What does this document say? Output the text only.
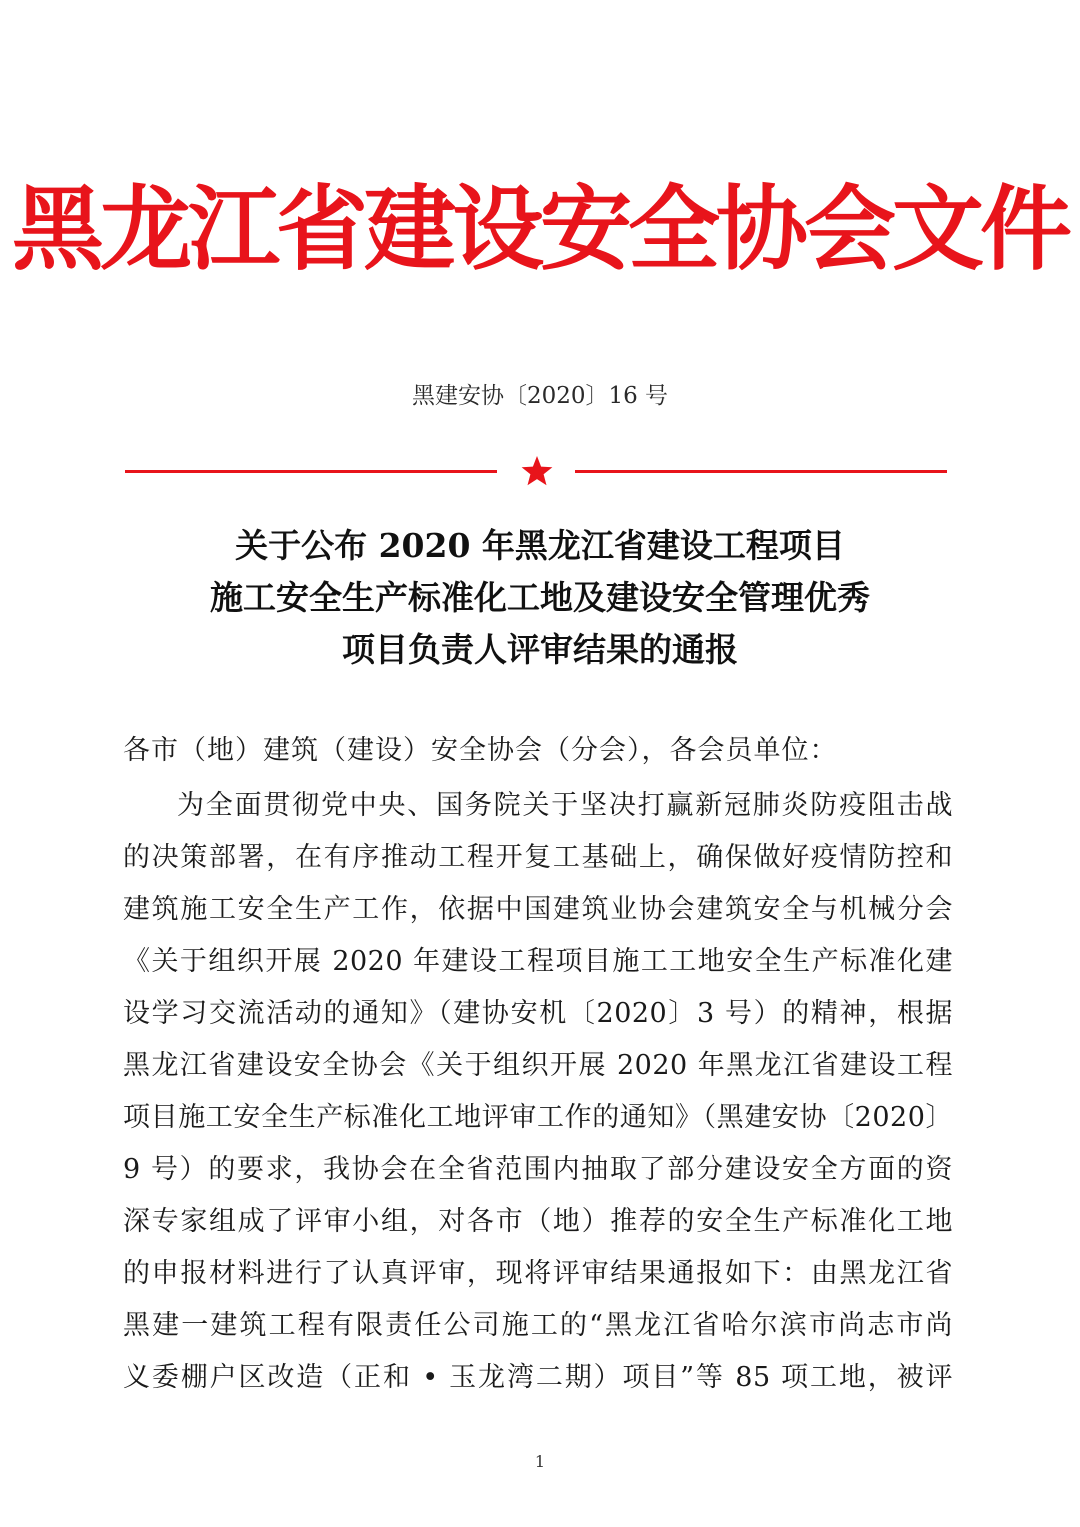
黑龙江省建设安全协会文件
黑建安协〔2020〕16 号
关于公布 2020 年黑龙江省建设工程项目
施工安全生产标准化工地及建设安全管理优秀
项目负责人评审结果的通报
各市（地）建筑（建设）安全协会（分会），各会员单位：
为全面贯彻党中央、国务院关于坚决打赢新冠肺炎防疫阻击战
的决策部署，在有序推动工程开复工基础上，确保做好疫情防控和
建筑施工安全生产工作，依据中国建筑业协会建筑安全与机械分会
《关于组织开展 2020 年建设工程项目施工工地安全生产标准化建
设学习交流活动的通知》（建协安机〔2020〕3 号）的精神，根据
黑龙江省建设安全协会《关于组织开展 2020 年黑龙江省建设工程
项目施工安全生产标准化工地评审工作的通知》（黑建安协〔2020〕
9 号）的要求，我协会在全省范围内抽取了部分建设安全方面的资
深专家组成了评审小组，对各市（地）推荐的安全生产标准化工地
的申报材料进行了认真评审，现将评审结果通报如下：由黑龙江省
黑建一建筑工程有限责任公司施工的“黑龙江省哈尔滨市尚志市尚
义委棚户区改造（正和 • 玉龙湾二期）项目”等 85 项工地，被评
1
